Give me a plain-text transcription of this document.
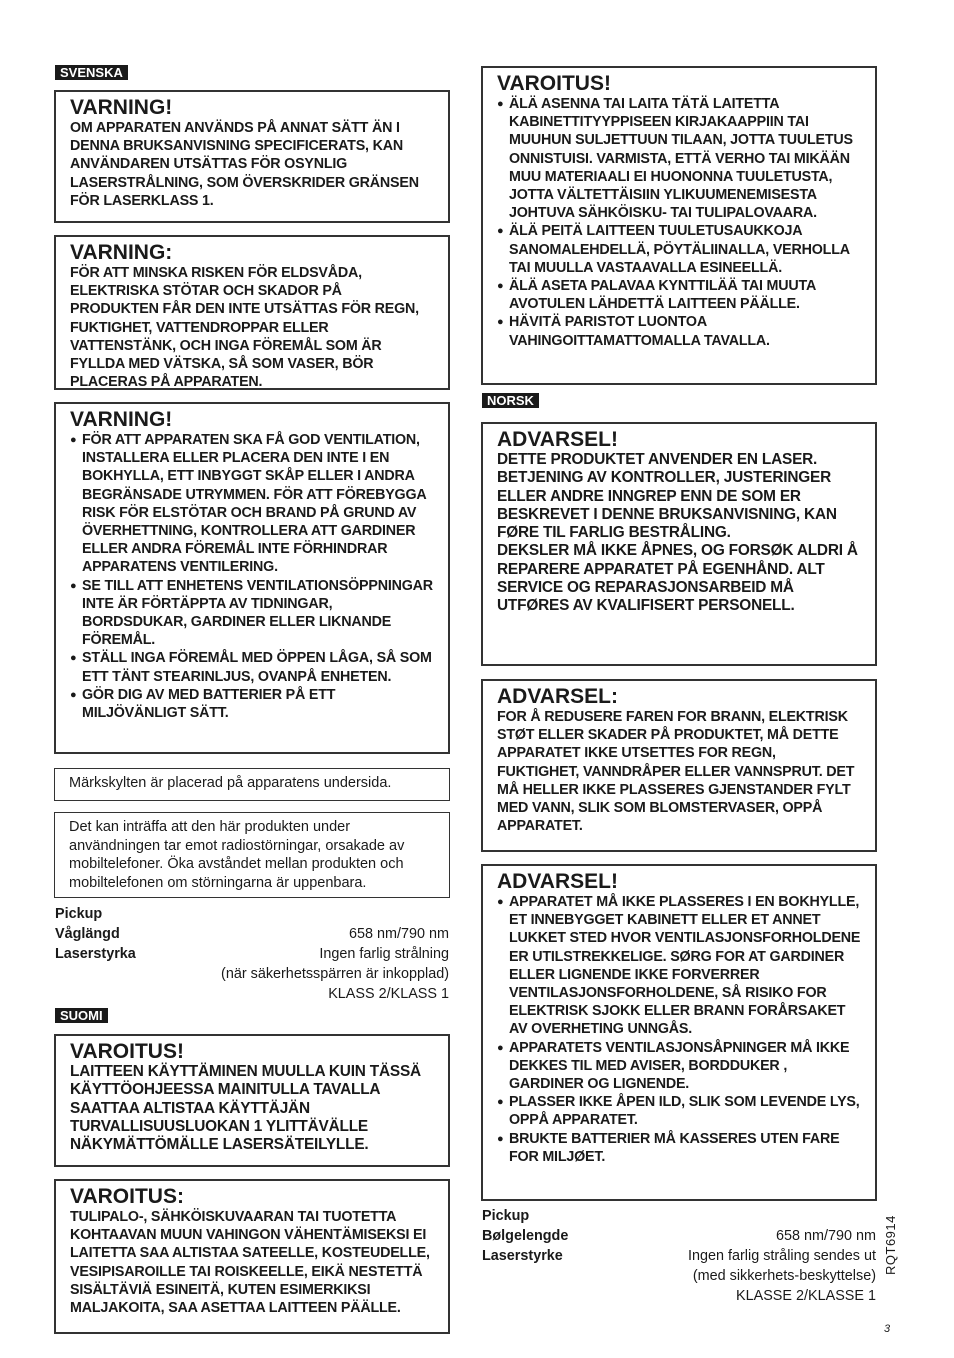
SVENSKA
VARNING!
OM APPARATEN ANVÄNDS PÅ ANNAT SÄTT ÄN I DENNA BRUKSANVISNING SPECIFICERATS, KAN ANVÄNDAREN UTSÄTTAS FÖR OSYNLIG LASERSTRÅLNING, SOM ÖVERSKRIDER GRÄNSEN FÖR LASERKLASS 1.
VARNING:
FÖR ATT MINSKA RISKEN FÖR ELDSVÅDA, ELEKTRISKA STÖTAR OCH SKADOR PÅ PRODUKTEN FÅR DEN INTE UTSÄTTAS FÖR REGN, FUKTIGHET, VATTENDROPPAR ELLER VATTENSTÄNK, OCH INGA FÖREMÅL SOM ÄR FYLLDA MED VÄTSKA, SÅ SOM VASER, BÖR PLACERAS PÅ APPARATEN.
VARNING!
● FÖR ATT APPARATEN SKA FÅ GOD VENTILATION, INSTALLERA ELLER PLACERA DEN INTE I EN BOKHYLLA, ETT INBYGGT SKÅP ELLER I ANDRA BEGRÄNSADE UTRYMMEN. FÖR ATT FÖREBYGGA RISK FÖR ELSTÖTAR OCH BRAND PÅ GRUND AV ÖVERHETTNING, KONTROLLERA ATT GARDINER ELLER ANDRA FÖREMÅL INTE FÖRHINDRAR APPARATENS VENTILERING.
● SE TILL ATT ENHETENS VENTILATIONSÖPPNINGAR INTE ÄR FÖRTÄPPTA AV TIDNINGAR, BORDSDUKAR, GARDINER ELLER LIKNANDE FÖREMÅL.
● STÄLL INGA FÖREMÅL MED ÖPPEN LÅGA, SÅ SOM ETT TÄNT STEARINLJUS, OVANPÅ ENHETEN.
● GÖR DIG AV MED BATTERIER PÅ ETT MILJÖVÄNLIGT SÄTT.
Märkskylten är placerad på apparatens undersida.
Det kan inträffa att den här produkten under användningen tar emot radiostörningar, orsakade av mobiltelefoner. Öka avståndet mellan produkten och mobiltelefonen om störningarna är uppenbara.
Pickup
Våglängd	658 nm/790 nm
Laserstyrka	Ingen farlig strålning
(när säkerhetsspärren är inkopplad)
KLASS 2/KLASS 1
SUOMI
VAROITUS!
LAITTEEN KÄYTTÄMINEN MUULLA KUIN TÄSSÄ KÄYTTÖOHJEESSA MAINITULLA TAVALLA SAATTAA ALTISTAA KÄYTTÄJÄN TURVALLISUUSLUOKAN 1 YLITTÄVÄLLE NÄKYMÄTTÖMÄLLE LASERSÄTEILYLLE.
VAROITUS:
TULIPALO-, SÄHKÖISKUVAARAN TAI TUOTETTA KOHTAAVAN MUUN VAHINGON VÄHENTÄMISEKSI EI LAITETTA SAA ALTISTAA SATEELLE, KOSTEUDELLE, VESIPISAROILLE TAI ROISKEELLE, EIKÄ NESTETTÄ SISÄLTÄVIÄ ESINEITÄ, KUTEN ESIMERKIKSI MALJAKOITA, SAA ASETTAA LAITTEEN PÄÄLLE.
VAROITUS!
● ÄLÄ ASENNA TAI LAITA TÄTÄ LAITETTA KABINETTITYYPPISEEN KIRJAKAAPPIIN TAI MUUHUN SULJETTUUN TILAAN, JOTTA TUULETUS ONNISTUISI. VARMISTA, ETTÄ VERHO TAI MIKÄÄN MUU MATERIAALI EI HUONONNA TUULETUSTA, JOTTA VÄLTETTÄISIIN YLIKUUMENEMISESTA JOHTUVA SÄHKÖISKU- TAI TULIPALOVAARA.
● ÄLÄ PEITÄ LAITTEEN TUULETUSAUKKOJA SANOMALEHDELLÄ, PÖYTÄLIINALLA, VERHOLLA TAI MUULLA VASTAAVALLA ESINEELLÄ.
● ÄLÄ ASETA PALAVAA KYNTTILÄÄ TAI MUUTA AVOTULEN LÄHDETTÄ LAITTEEN PÄÄLLE.
● HÄVITÄ PARISTOT LUONTOA VAHINGOITTAMATTOMALLA TAVALLA.
NORSK
ADVARSEL!
DETTE PRODUKTET ANVENDER EN LASER. BETJENING AV KONTROLLER, JUSTERINGER ELLER ANDRE INNGREP ENN DE SOM ER BESKREVET I DENNE BRUKSANVISNING, KAN FØRE TIL FARLIG BESTRÅLING.
DEKSLER MÅ IKKE ÅPNES, OG FORSØK ALDRI Å REPARERE APPARATET PÅ EGENHÅND. ALT SERVICE OG REPARASJONSARBEID MÅ UTFØRES AV KVALIFISERT PERSONELL.
ADVARSEL:
FOR Å REDUSERE FAREN FOR BRANN, ELEKTRISK STØT ELLER SKADER PÅ PRODUKTET, MÅ DETTE APPARATET IKKE UTSETTES FOR REGN, FUKTIGHET, VANNDRÅPER ELLER VANNSPRUT. DET MÅ HELLER IKKE PLASSERES GJENSTANDER FYLT MED VANN, SLIK SOM BLOMSTERVASER, OPPÅ APPARATET.
ADVARSEL!
● APPARATET MÅ IKKE PLASSERES I EN BOKHYLLE, ET INNEBYGGET KABINETT ELLER ET ANNET LUKKET STED HVOR VENTILASJONSFORHOLDENE ER UTILSTREKKELIGE. SØRG FOR AT GARDINER ELLER LIGNENDE IKKE FORVERRER VENTILASJONSFORHOLDENE, SÅ RISIKO FOR ELEKTRISK SJOKK ELLER BRANN FORÅRSAKET AV OVERHETING UNNGÅS.
● APPARATETS VENTILASJONSÅPNINGER MÅ IKKE DEKKES TIL MED AVISER, BORDDUKER , GARDINER OG LIGNENDE.
● PLASSER IKKE ÅPEN ILD, SLIK SOM LEVENDE LYS, OPPÅ APPARATET.
● BRUKTE BATTERIER MÅ KASSERES UTEN FARE FOR MILJØET.
Pickup
Bølgelengde	658 nm/790 nm
Laserstyrke	Ingen farlig stråling sendes ut
(med sikkerhets-beskyttelse)
KLASSE 2/KLASSE 1
RQT6914
3
